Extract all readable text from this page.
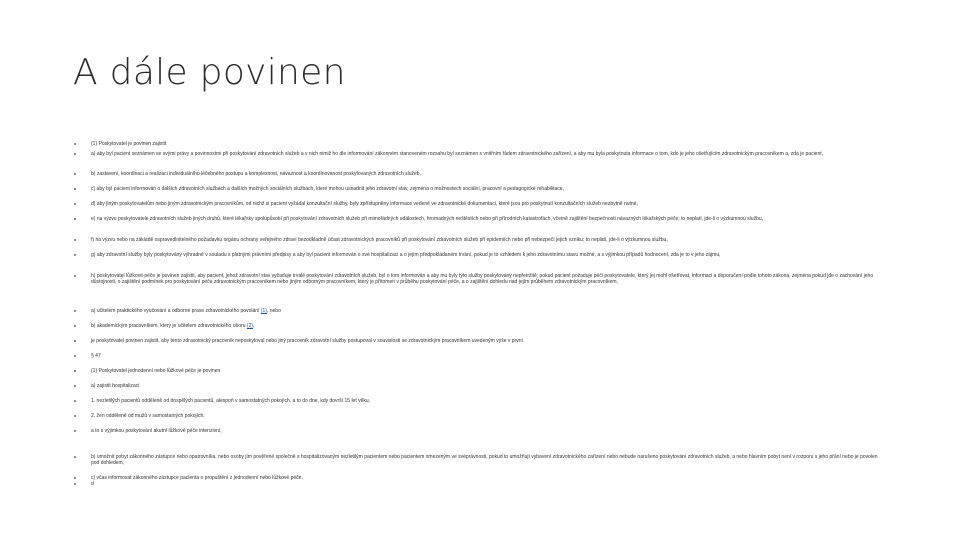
A dále povinen
(1) Poskytovatel je povinen zajistit
a) aby byl pacient seznámen se svými právy a povinnostmi při poskytování zdravotních služeb a v nich nimiž ho dle informování zákonném stanoveném rozsahu byl seznámen s vnitřním řádem zdravotnického zařízení, a aby mu byla poskytnuta informace o tom, kdo je jeho ošetřujícím zdravotnickým pracovníkem a, zda je pacient,
b) zastavení, koordinaci a realizaci individuálního léčebného postupu a komplexnost, návaznost a koordinovanost poskytovaných zdravotních služeb,
c) aby byl pacient informován o dalších zdravotních službách a dalších možných sociálních službách, které mohou usnadnit jeho zdravotní stav, zejména o možnostech sociální, pracovní a pedagogické rehabilitace,
d) aby jiným poskytovatelům nebo jiným zdravotnickým pracovníkům, od nichž si pacient vyžádal konzultační služby, byly zpřístupněny informace vedené ve zdravotnické dokumentaci, které jsou pro poskytnutí konzultačních služeb nezbytně nutné,
e) na výzvu poskytovatele zdravotních služeb jiných druhů, které lékařsky spolupůsobí při poskytování zdravotních služeb při mimořádných událostech, hromadných neštěstích nebo při přírodních katastrofách, včetně zajištění bezpečnosti návazných lékařských péče; to neplatí, jde-li o výzkumnou službu,
f) na výzvu nebo na základě ospravedlnitelného požadavku orgánu ochrany veřejného zdraví bezodkladně účast zdravotnických pracovníků při poskytování zdravotních služeb při epidemiích nebo při nebezpečí jejich vzniku; to neplatí, jde-li o výzkumnou službu,
g) aby zdravotní služby byly poskytovány výhradně v souladu s platnými právními předpisy a aby byl pacient informován o své hospitalizaci a o jejím předpokládaném trvání, pokud je to vzhledem k jeho zdravotnímu stavu možné, a s výjimkou případů hodnocení, zda je to v jeho zájmu,
h) poskytovatel lůžkové péče je povinen zajistit, aby pacient, jehož zdravotní stav vyžaduje trvalé poskytování zdravotních služeb, byl o tom informován a aby mu byly tyto služby poskytovány nepřetržitě; pokud pacient požaduje péči poskytovatele, který jej mohl ošetřovat, informaci a doporučení podle tohoto zákona, zejména pokud jde o zachování jeho důstojnosti, o zajištění podmínek pro poskytování péče zdravotnickým pracovníkem nebo jiným odborným pracovníkem, který je přítomen v průběhu poskytování péče, a o zajištění dohledu nad jejím průběhem zdravotnickým pracovníkem,
a) učitelem praktického vyučování a odborné praxe zdravotnického povolání (1), nebo
b) akademickým pracovníkem, který je učitelem zdravotnického oboru (2),
je poskytovatel povinen zajistit, aby tento zdravotnický pracovník neposkytoval nebo jiný pracovník zdravotní služby postupoval v souvislosti se zdravotnickým pracovníkem uvedeným výše v první
§ 47
(1) Poskytovatel jednodenní nebo lůžkové péče je povinen
a) zajistit hospitalizaci
1. nezletilých pacientů odděleně od dospělých pacientů, alespoň v samostatných pokojích, a to do dne, kdy dovrší 15 let věku,
2. žen odděleně od mužů v samostatných pokojích,
a to s výjimkou poskytování akutní lůžkové péče intenzivní,
b) umožnit pobyt zákonného zástupce nebo opatrovníka, nebo osoby jím pověřené společně s hospitalizovaným nezletilým pacientem nebo pacientem omezeným ve svéprávnosti, pokud to umožňují vybavení zdravotnického zařízení nebo nebude narušeno poskytování zdravotních služeb, a nebo hlavním pobyt není v rozporu s jeho přání nebo je povolen pod dohledem,
c) včas informovat zákonného zástupce pacienta o propuštění z jednodenní nebo lůžkové péče,
d
